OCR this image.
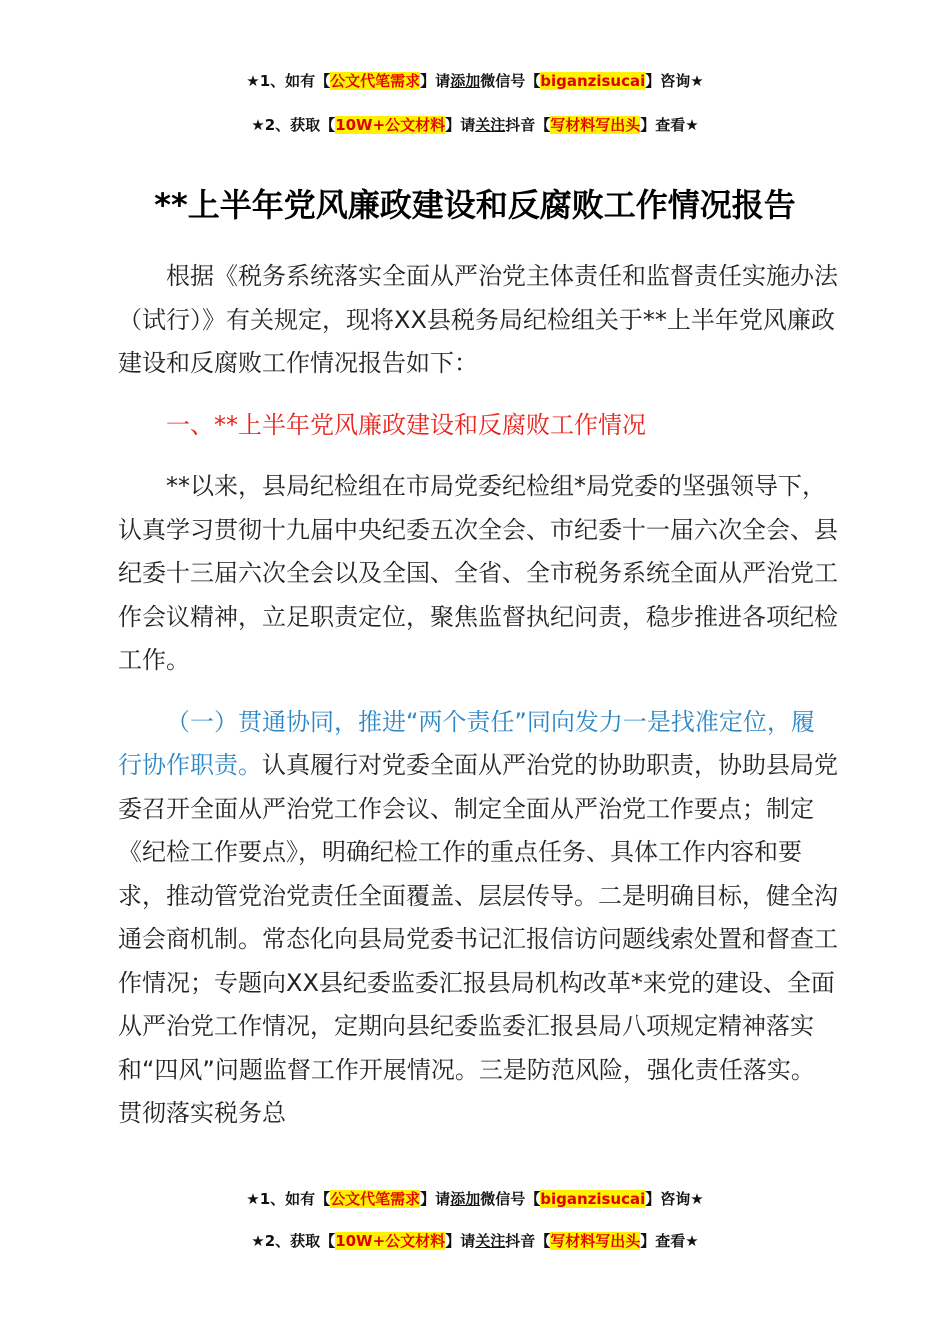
★1、如有【公文代笔需求】请添加微信号【biganzisucai】咨询★
★2、获取【10W+公文材料】请关注抖音【写材料写出头】查看★
**上半年党风廉政建设和反腐败工作情况报告

根据《税务系统落实全面从严治党主体责任和监督责任实施办法（试行）》有关规定，现将XX县税务局纪检组关于**上半年党风廉政建设和反腐败工作情况报告如下：

一、**上半年党风廉政建设和反腐败工作情况

**以来，县局纪检组在市局党委纪检组*局党委的坚强领导下，认真学习贯彻十九届中央纪委五次全会、市纪委十一届六次全会、县纪委十三届六次全会以及全国、全省、全市税务系统全面从严治党工作会议精神，立足职责定位，聚焦监督执纪问责，稳步推进各项纪检工作。

（一）贯通协同，推进“两个责任”同向发力一是找准定位，履行协作职责。认真履行对党委全面从严治党的协助职责，协助县局党委召开全面从严治党工作会议、制定全面从严治党工作要点；制定《纪检工作要点》，明确纪检工作的重点任务、具体工作内容和要求，推动管党治党责任全面覆盖、层层传导。二是明确目标，健全沟通会商机制。常态化向县局党委书记汇报信访问题线索处置和督查工作情况；专题向XX县纪委监委汇报县局机构改革*来党的建设、全面从严治党工作情况，定期向县纪委监委汇报县局八项规定精神落实和“四风”问题监督工作开展情况。三是防范风险，强化责任落实。贯彻落实税务总

★1、如有【公文代笔需求】请添加微信号【biganzisucai】咨询★
★2、获取【10W+公文材料】请关注抖音【写材料写出头】查看★
